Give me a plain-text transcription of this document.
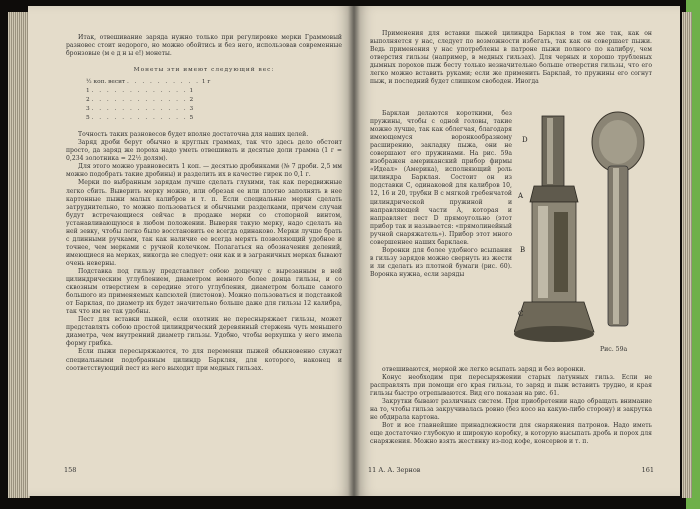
Итак, отвешивание заряда нужно только при регулировке мерки Граммовый разновес стоит недорого, но можно обойтись и без него, использовав современные бронзовые (м е д н ы е!) монеты.

Монеты эти имеют следующий вес:
½ коп. весит . . . . . . . . . . 1 г
1 . . . . . . . . . . . . . 1
2 . . . . . . . . . . . . . 2
3 . . . . . . . . . . . . . 3
5 . . . . . . . . . . . . . 5

Точность таких разновесов будет вполне достаточна для наших целей.

Заряд дроби берут обычно в круглых граммах, так что здесь дело обстоит просто, да заряд же пороха надо уметь отвешивать и десятые доли грамма (1 г = 0,234 золотника = 22½ долям).

Для этого можно уравновесить 1 коп. — десятью дробинками (№ 7 дроби. 2,5 мм можно подобрать такие дробины) и разделить их в качестве гирек по 0,1 г.

Мерки по выбранным зарядам лучше сделать глухими, так как передвижные легко сбить. Выверить мерку можно, или обрезая ее или плотно заполнять в нее картонные пыжи малых калибров и т. п. Если специальные мерки сделать затруднительно, то можно пользоваться и обычными разделками, причем случаи будут встречающиеся сейчас в продаже мерки со стопорной винтом, устанавливающуюся в любом положении. Выверяя такую мерку, надо сделать на ней зевку, чтобы легко было восстановить ее всегда одинаково. Мерки лучше брать с длинными ручками, так как наличие ее всегда мерять позволяющий удобное и точнее, чем мерками с ручной колечком. Полагаться на обозначения делений, имеющиеся на мерках, никогда не следует: они как и в заграничных мерках бывают очень неверны.

Подставка под гильзу представляет собою дощечку с вырезанным в ней цилиндрическим углублением, диаметром немного более донца гильзы, и со сквозным отверстием в середине этого углубления, диаметром больше самого большого из применяемых капсюлей (пистонов). Можно пользоваться и подставкой от Барклая, по диаметр их будет значительно больше даже для гильзы 12 калибра, так что им не так удобны.

Пест для вставки пыжей, если охотник не пересныряжает гильзы, может представлять собою простой цилиндрический деревянный стержень чуть меньшего диаметра, чем внутренний диаметр гильзы. Удобно, чтобы верхушка у него имела форму грибка.

Если пыжи пересыряжаются, то для переменки пыжей обыкновенно служат специальными подобранным цилиндр Баркляя, для которого, наконец и соответствующий пест из него выходит при медных гильзах.

158

Применения для вставки пыжей цилиндра Барклая в том же так, как он выполняется у нас, следует по возможности избегать, так как он совершает пыжи. Ведь применения у нас употреблены в патроне пыжи полного по калибру, чем отверстия гильзы (например, в медных гильзах). Для черных и хорошо трубленых дымных порохов пыж бесту только незначительно больше отверстия гильзы, что его легко можно вставить руками; если же применить Барклай, то пружины его согнут пыж, и последний будет слишком свободен. Иногда

Барклаи делаются короткими, без пружины, чтобы с одной головы, такие можно лучше, так как облегчая, благодаря имеющемуся воронкообразному расширению, закладку пыжа, они не совершают его пружинами. На рис. 59а изображен американский прибор фирмы «Идеал» (Америка), исполняющий роль цилиндра Барклая. Состоит он из подставки С, одинаковой для калибров 10, 12, 16 и 20, трубки В с мягкой гребенчатой цилиндрической пружиной и направляющей части А, которая и направляет пест D прямоугольно (этот прибор так и называется: «прямолинейный ручной снаряжатель»). Прибор этот много совершеннее наших барклаев.

Воронки для более удобного всыпания в гильзу зарядов можно свернуть из жести и ли сделать из плотной бумаги (рис. 60). Воронка нужна, если заряды

D
A
B
C
Рис. 59а

отвешиваются, мерной же легко всыпать заряд и без воронки.

Конус необходим при пересыряжении старых латунных гильз. Если не расправлять при помощи его края гильзы, то заряд и пыж вставить трудно, и края гильзы быстро отрепываются. Вид его показан на рис. 61.

Закрутки бывают различных систем. При приобретении надо обращать внимание на то, чтобы гильза закручивалась ровно (без косо на какую-либо сторону) и закрутка не обдирала картона.

Вот и все главнейшие принадлежности для снаряжения патронов. Надо иметь еще достаточно глубокую и широкую коробку, в которую высыпать дробь и порох для снаряжения. Можно взять жестянку из-под кофе, консервов и т. п.

11 А. А. Зернов	161
